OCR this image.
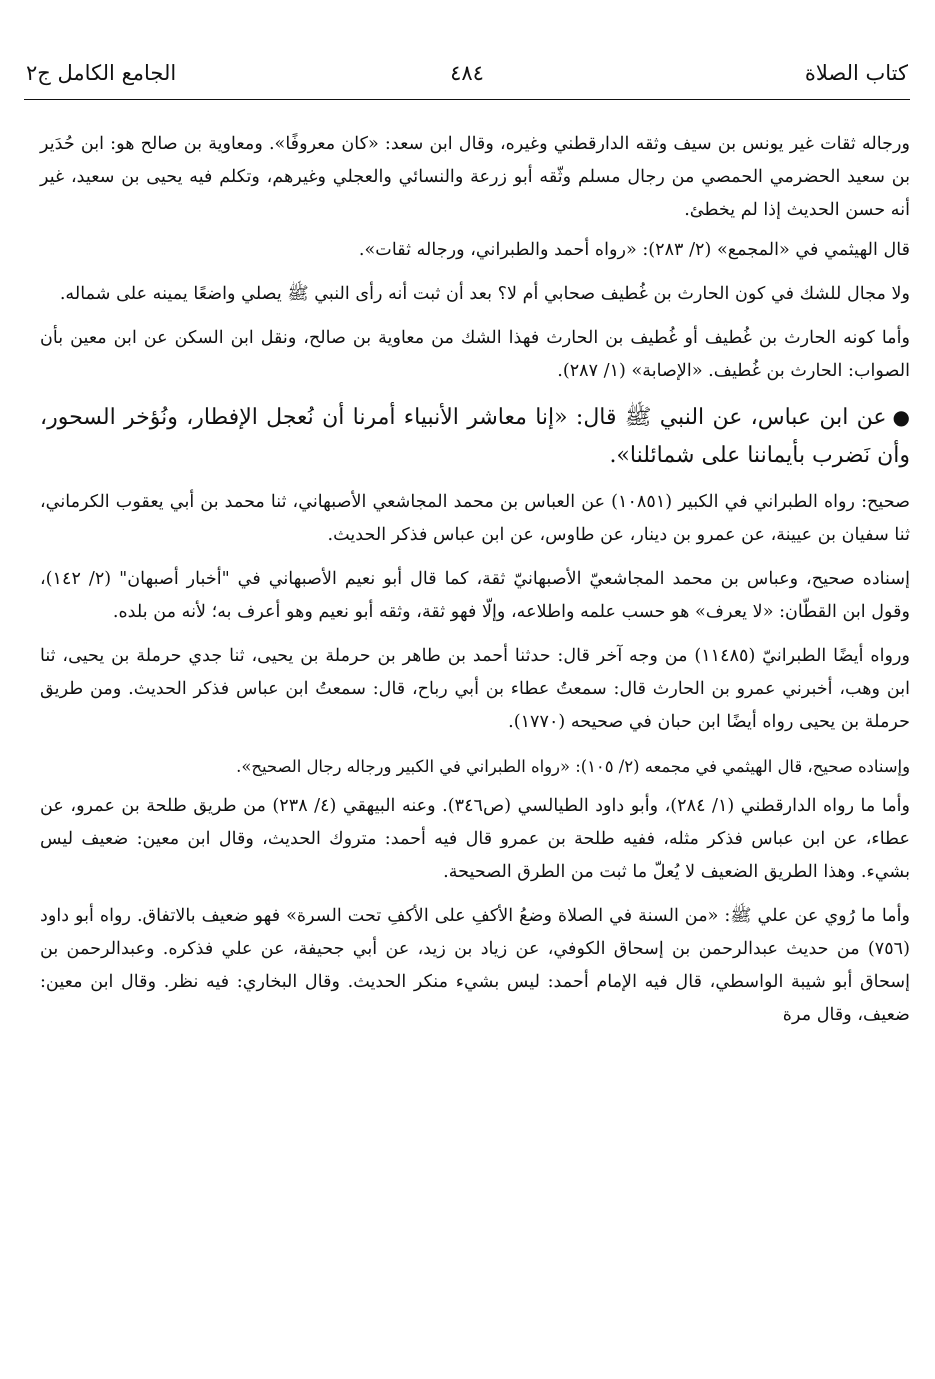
كتاب الصلاة
٤٨٤
الجامع الكامل ج٢

ورجاله ثقات غير يونس بن سيف وثقه الدارقطني وغيره، وقال ابن سعد: «كان معروفًا». ومعاوية بن صالح هو: ابن حُدَير بن سعيد الحضرمي الحمصي من رجال مسلم وثّقه أبو زرعة والنسائي والعجلي وغيرهم، وتكلم فيه يحيى بن سعيد، غير أنه حسن الحديث إذا لم يخطئ.

قال الهيثمي في «المجمع» (٢/ ٢٨٣): «رواه أحمد والطبراني، ورجاله ثقات».

ولا مجال للشك في كون الحارث بن غُطيف صحابي أم لا؟ بعد أن ثبت أنه رأى النبي ﷺ يصلي واضعًا يمينه على شماله.

وأما كونه الحارث بن غُطيف أو غُطيف بن الحارث فهذا الشك من معاوية بن صالح، ونقل ابن السكن عن ابن معين بأن الصواب: الحارث بن غُطيف. «الإصابة» (١/ ٢٨٧).

●عن ابن عباس، عن النبي ﷺ قال: «إنا معاشر الأنبياء أمرنا أن نُعجل الإفطار، ونُؤخر السحور، وأن نَضرب بأيماننا على شمائلنا».

صحيح: رواه الطبراني في الكبير (١٠٨٥١) عن العباس بن محمد المجاشعي الأصبهاني، ثنا محمد بن أبي يعقوب الكرماني، ثنا سفيان بن عيينة، عن عمرو بن دينار، عن طاوس، عن ابن عباس فذكر الحديث.

إسناده صحيح، وعباس بن محمد المجاشعيّ الأصبهانيّ ثقة، كما قال أبو نعيم الأصبهاني في "أخبار أصبهان" (٢/ ١٤٢)، وقول ابن القطّان: «لا يعرف» هو حسب علمه واطلاعه، وإلّا فهو ثقة، وثقه أبو نعيم وهو أعرف به؛ لأنه من بلده.

ورواه أيضًا الطبرانيّ (١١٤٨٥) من وجه آخر قال: حدثنا أحمد بن طاهر بن حرملة بن يحيى، ثنا جدي حرملة بن يحيى، ثنا ابن وهب، أخبرني عمرو بن الحارث قال: سمعتُ عطاء بن أبي رباح، قال: سمعتُ ابن عباس فذكر الحديث. ومن طريق حرملة بن يحيى رواه أيضًا ابن حبان في صحيحه (١٧٧٠).

وإسناده صحيح، قال الهيثمي في مجمعه (٢/ ١٠٥): «رواه الطبراني في الكبير ورجاله رجال الصحيح».

وأما ما رواه الدارقطني (١/ ٢٨٤)، وأبو داود الطيالسي (ص٣٤٦). وعنه البيهقي (٤/ ٢٣٨) من طريق طلحة بن عمرو، عن عطاء، عن ابن عباس فذكر مثله، ففيه طلحة بن عمرو قال فيه أحمد: متروك الحديث، وقال ابن معين: ضعيف ليس بشيء. وهذا الطريق الضعيف لا يُعلّ ما ثبت من الطرق الصحيحة.

وأما ما رُوي عن علي ﷺ: «من السنة في الصلاة وضعُ الأكفِ على الأكفِ تحت السرة» فهو ضعيف بالاتفاق. رواه أبو داود (٧٥٦) من حديث عبدالرحمن بن إسحاق الكوفي، عن زياد بن زيد، عن أبي جحيفة، عن علي فذكره. وعبدالرحمن بن إسحاق أبو شيبة الواسطي، قال فيه الإمام أحمد: ليس بشيء منكر الحديث. وقال البخاري: فيه نظر. وقال ابن معين: ضعيف، وقال مرة
